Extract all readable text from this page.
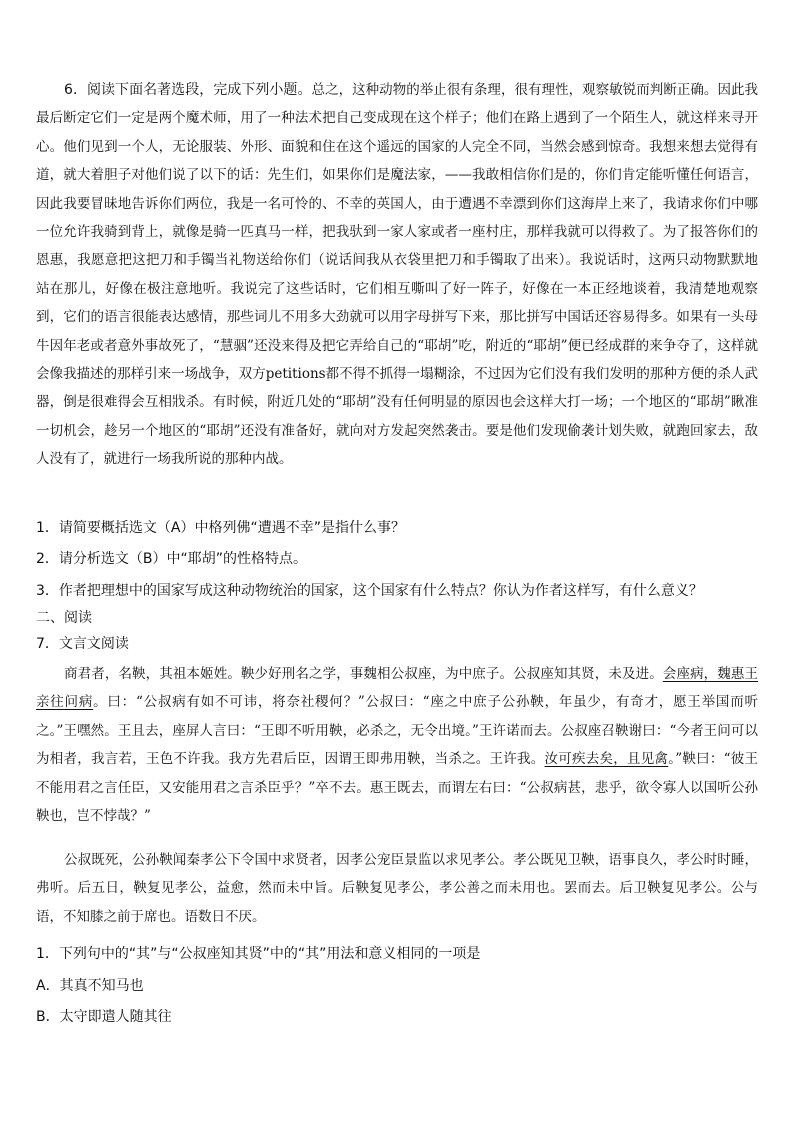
6．阅读下面名著选段，完成下列小题。总之，这种动物的举止很有条理，很有理性，观察敏锐而判断正确。因此我最后断定它们一定是两个魔术师，用了一种法术把自己变成现在这个样子；他们在路上遇到了一个陌生人，就这样来寻开心。他们见到一个人，无论服装、外形、面貌和住在这个遥远的国家的人完全不同，当然会感到惊奇。我想来想去觉得有道，就大着胆子对他们说了以下的话：先生们，如果你们是魔法家，——我敢相信你们是的，你们肯定能听懂任何语言，因此我要冒昧地告诉你们两位，我是一名可怜的、不幸的英国人，由于遭遇不幸漂到你们这海岸上来了，我请求你们中哪一位允许我骑到背上，就像是骑一匹真马一样，把我驮到一家人家或者一座村庄，那样我就可以得救了。为了报答你们的恩惠，我愿意把这把刀和手镯当礼物送给你们（说话间我从衣袋里把刀和手镯取了出来）。我说话时，这两只动物默默地站在那儿，好像在极注意地听。我说完了这些话时，它们相互嘶叫了好一阵子，好像在一本正经地谈着，我清楚地观察到，它们的语言很能表达感情，那些词儿不用多大劲就可以用字母拼写下来，那比拼写中国话还容易得多。如果有一头母牛因年老或者意外事故死了，“慧骃”还没来得及把它弄给自己的“耶胡”吃，附近的“耶胡”便已经成群的来争夺了，这样就会像我描述的那样引来一场战争，双方petitions都不得不抓得一塌糊涂，不过因为它们没有我们发明的那种方便的杀人武器，倒是很难得会互相戕杀。有时候，附近几处的“耶胡”没有任何明显的原因也会这样大打一场；一个地区的“耶胡”瞅准一切机会，趁另一个地区的“耶胡”还没有准备好，就向对方发起突然袭击。要是他们发现偷袭计划失败，就跑回家去，敌人没有了，就进行一场我所说的那种内战。

1．请简要概括选文（A）中格列佛“遭遇不幸”是指什么事？

2．请分析选文（B）中“耶胡”的性格特点。

3．作者把理想中的国家写成这种动物统治的国家，这个国家有什么特点？你认为作者这样写，有什么意义？

二、阅读

7．文言文阅读

商君者，名鞅，其祖本姬姓。鞅少好刑名之学，事魏相公叔座，为中庶子。公叔座知其贤，未及进。会座病，魏惠王亲往问病。曰：“公叔病有如不可讳，将奈社稷何？”公叔曰：“座之中庶子公孙鞅，年虽少，有奇才，愿王举国而听之。”王嘿然。王且去，座屏人言曰：“王即不听用鞅，必杀之，无令出境。”王许诺而去。公叔座召鞅谢曰：“今者王问可以为相者，我言若，王色不许我。我方先君后臣，因谓王即弗用鞅，当杀之。王许我。汝可疾去矣，且见禽。”鞅曰：“彼王不能用君之言任臣，又安能用君之言杀臣乎？”卒不去。惠王既去，而谓左右曰：“公叔病甚，悲乎，欲令寡人以国听公孙鞅也，岂不悖哉？”

公叔既死，公孙鞅闻秦孝公下令国中求贤者，因孝公宠臣景监以求见孝公。孝公既见卫鞅，语事良久，孝公时时睡，弗听。后五日，鞅复见孝公，益愈，然而未中旨。后鞅复见孝公，孝公善之而未用也。罢而去。后卫鞅复见孝公。公与语，不知膝之前于席也。语数日不厌。

1．下列句中的“其”与“公叔座知其贤”中的“其”用法和意义相同的一项是

A．其真不知马也

B．太守即遣人随其往
